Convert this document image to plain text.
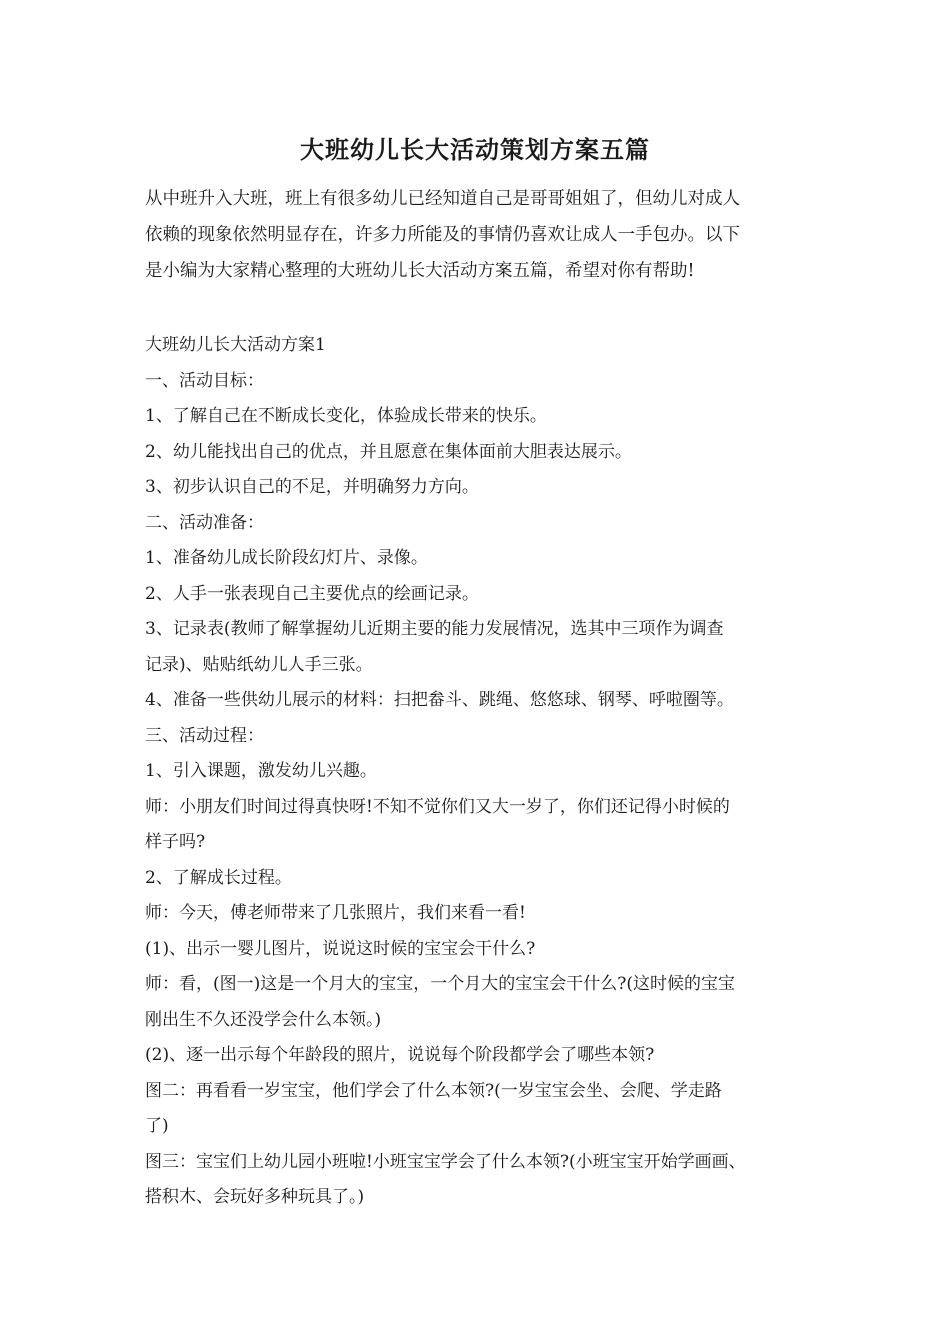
大班幼儿长大活动策划方案五篇

从中班升入大班，班上有很多幼儿已经知道自己是哥哥姐姐了，但幼儿对成人

依赖的现象依然明显存在，许多力所能及的事情仍喜欢让成人一手包办。以下

是小编为大家精心整理的大班幼儿长大活动方案五篇，希望对你有帮助!

大班幼儿长大活动方案1

一、活动目标：

1、了解自己在不断成长变化，体验成长带来的快乐。

2、幼儿能找出自己的优点，并且愿意在集体面前大胆表达展示。

3、初步认识自己的不足，并明确努力方向。

二、活动准备：

1、准备幼儿成长阶段幻灯片、录像。

2、人手一张表现自己主要优点的绘画记录。

3、记录表(教师了解掌握幼儿近期主要的能力发展情况，选其中三项作为调查

记录)、贴贴纸幼儿人手三张。

4、准备一些供幼儿展示的材料：扫把畚斗、跳绳、悠悠球、钢琴、呼啦圈等。

三、活动过程：

1、引入课题，激发幼儿兴趣。

师：小朋友们时间过得真快呀!不知不觉你们又大一岁了，你们还记得小时候的

样子吗?

2、了解成长过程。

师：今天，傅老师带来了几张照片，我们来看一看!

(1)、出示一婴儿图片，说说这时候的宝宝会干什么?

师：看，(图一)这是一个月大的宝宝，一个月大的宝宝会干什么?(这时候的宝宝

刚出生不久还没学会什么本领。)

(2)、逐一出示每个年龄段的照片，说说每个阶段都学会了哪些本领?

图二：再看看一岁宝宝，他们学会了什么本领?(一岁宝宝会坐、会爬、学走路

了)

图三：宝宝们上幼儿园小班啦!小班宝宝学会了什么本领?(小班宝宝开始学画画、

搭积木、会玩好多种玩具了。)
